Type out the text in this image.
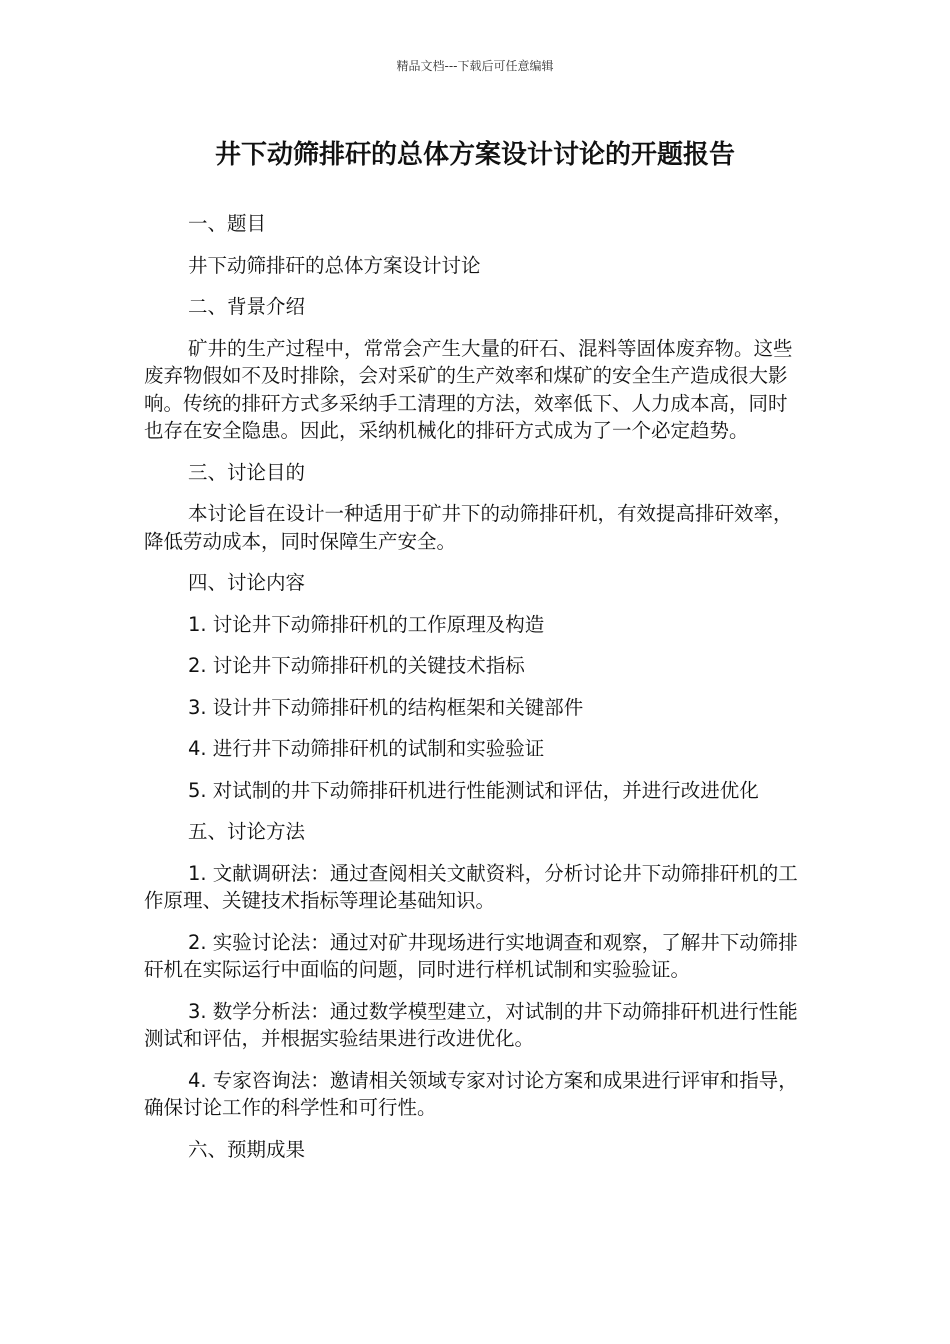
精品文档---下载后可任意编辑
井下动筛排矸的总体方案设计讨论的开题报告

一、题目

井下动筛排矸的总体方案设计讨论

二、背景介绍

矿井的生产过程中，常常会产生大量的矸石、混料等固体废弃物。这些废弃物假如不及时排除，会对采矿的生产效率和煤矿的安全生产造成很大影响。传统的排矸方式多采纳手工清理的方法，效率低下、人力成本高，同时也存在安全隐患。因此，采纳机械化的排矸方式成为了一个必定趋势。

三、讨论目的

本讨论旨在设计一种适用于矿井下的动筛排矸机，有效提高排矸效率，降低劳动成本，同时保障生产安全。

四、讨论内容

1. 讨论井下动筛排矸机的工作原理及构造

2. 讨论井下动筛排矸机的关键技术指标

3. 设计井下动筛排矸机的结构框架和关键部件

4. 进行井下动筛排矸机的试制和实验验证

5. 对试制的井下动筛排矸机进行性能测试和评估，并进行改进优化

五、讨论方法

1. 文献调研法：通过查阅相关文献资料，分析讨论井下动筛排矸机的工作原理、关键技术指标等理论基础知识。

2. 实验讨论法：通过对矿井现场进行实地调查和观察，了解井下动筛排矸机在实际运行中面临的问题，同时进行样机试制和实验验证。

3. 数学分析法：通过数学模型建立，对试制的井下动筛排矸机进行性能测试和评估，并根据实验结果进行改进优化。

4. 专家咨询法：邀请相关领域专家对讨论方案和成果进行评审和指导，确保讨论工作的科学性和可行性。

六、预期成果
